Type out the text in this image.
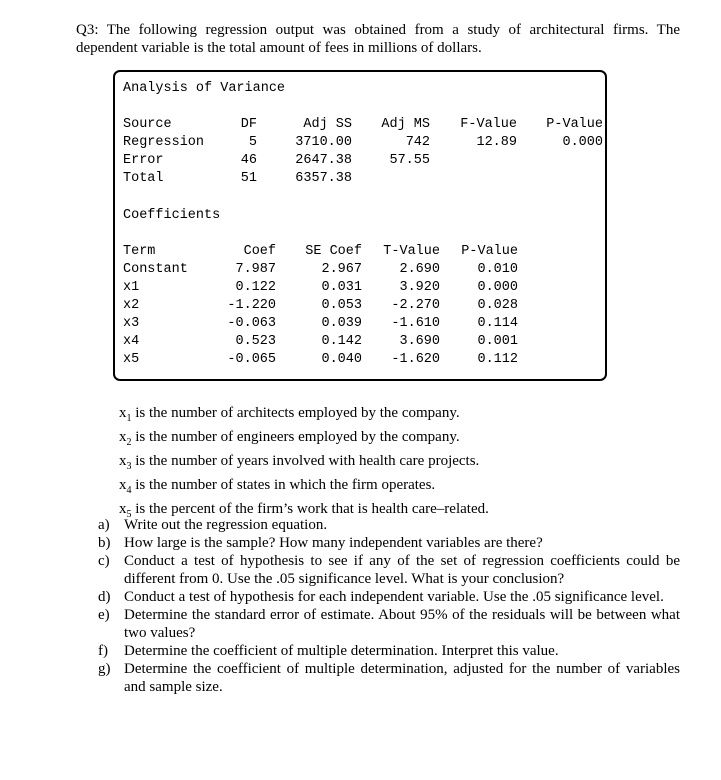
Q3: The following regression output was obtained from a study of architectural firms. The dependent variable is the total amount of fees in millions of dollars.
Analysis of Variance
Source	DF	Adj SS	Adj MS	F-Value	P-Value
Regression	5	3710.00	742	12.89	0.000
Error	46	2647.38	57.55
Total	51	6357.38
Coefficients
Term	Coef	SE Coef	T-Value	P-Value
Constant	7.987	2.967	2.690	0.010
x1	0.122	0.031	3.920	0.000
x2	-1.220	0.053	-2.270	0.028
x3	-0.063	0.039	-1.610	0.114
x4	0.523	0.142	3.690	0.001
x5	-0.065	0.040	-1.620	0.112
$x_1$ is the number of architects employed by the company.
$x_2$ is the number of engineers employed by the company.
$x_3$ is the number of years involved with health care projects.
$x_4$ is the number of states in which the firm operates.
$x_5$ is the percent of the firm’s work that is health care–related.
a) Write out the regression equation.
b) How large is the sample? How many independent variables are there?
c) Conduct a test of hypothesis to see if any of the set of regression coefficients could be different from 0. Use the .05 significance level. What is your conclusion?
d) Conduct a test of hypothesis for each independent variable. Use the .05 significance level.
e) Determine the standard error of estimate. About 95% of the residuals will be between what two values?
f) Determine the coefficient of multiple determination. Interpret this value.
g) Determine the coefficient of multiple determination, adjusted for the number of variables and sample size.
